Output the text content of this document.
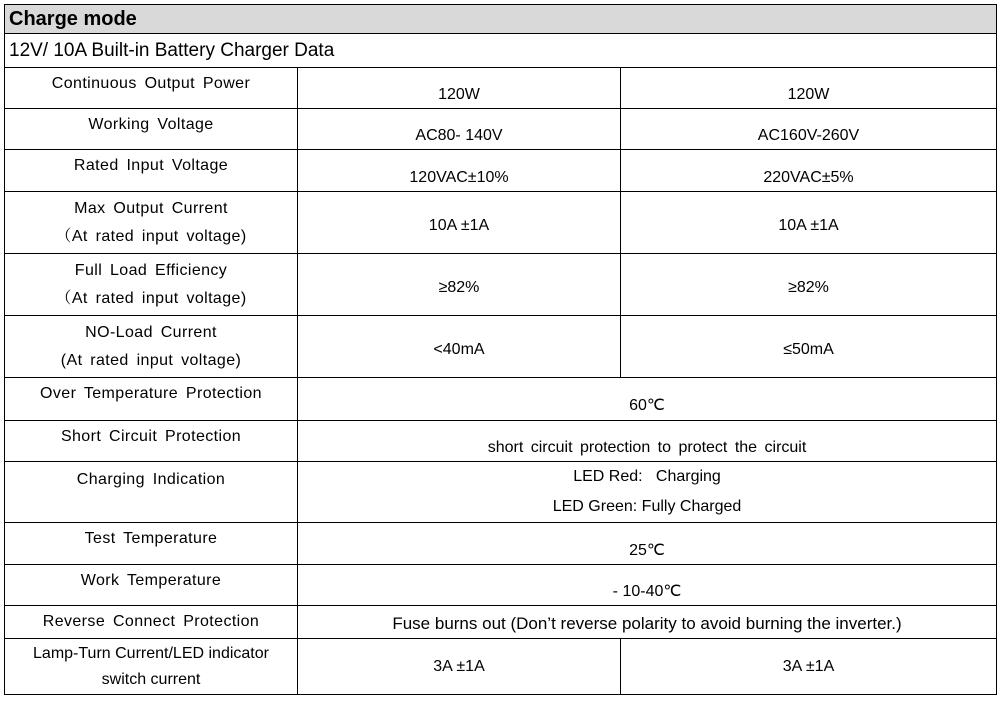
Charge mode		
12V/ 10A Built-in Battery Charger Data		

Continuous Output Power	120W	120W

Working Voltage	AC80- 140V	AC160V-260V

Rated Input Voltage	120VAC±10%	220VAC±5%

Max Output Current
（At rated input voltage)	10A ±1A	10A ±1A

Full Load Efficiency
（At rated input voltage)	≥82%	≥82%

NO-Load Current
(At rated input voltage)	<40mA	≤50mA

Over Temperature Protection	60℃	

Short Circuit Protection	short circuit protection to protect the circuit	

Charging Indication	LED Red:   Charging
LED Green: Fully Charged	

Test Temperature	25℃	

Work Temperature	- 10-40℃	

Reverse Connect Protection	Fuse burns out (Don’t reverse polarity to avoid burning the inverter.)	

Lamp-Turn Current/LED indicator
switch current	3A ±1A	3A ±1A
